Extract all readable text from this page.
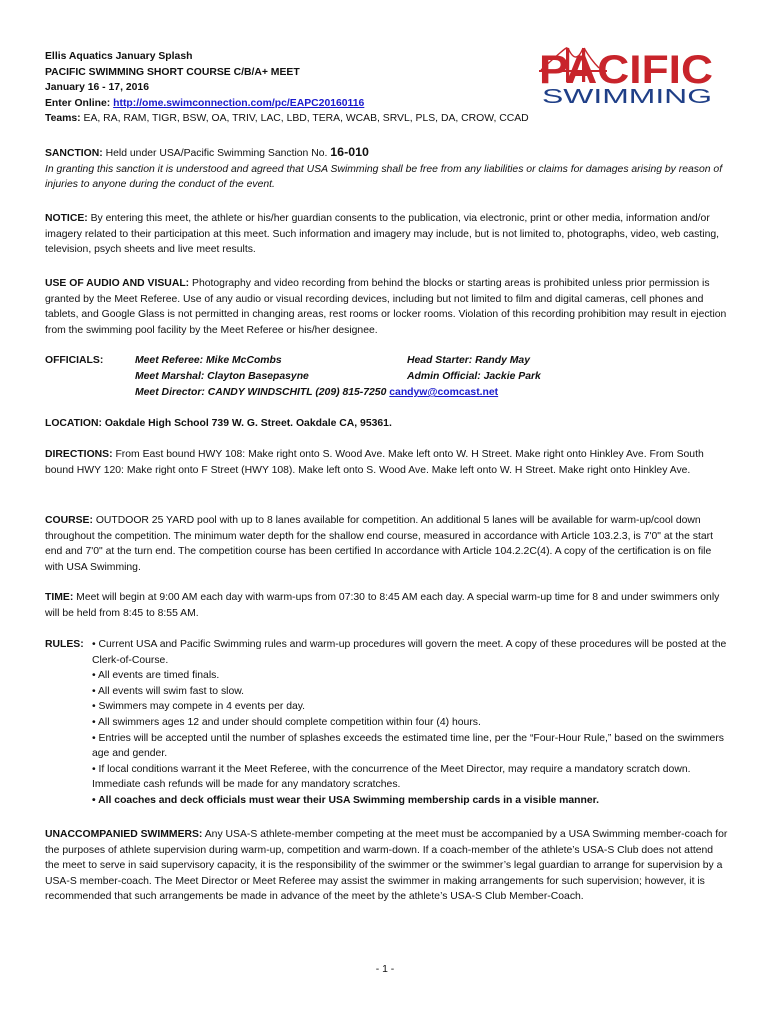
Ellis Aquatics January Splash
PACIFIC SWIMMING SHORT COURSE C/B/A+ MEET
January 16 - 17, 2016
Enter Online: http://ome.swimconnection.com/pc/EAPC20160116
Teams: EA, RA, RAM, TIGR, BSW, OA, TRIV, LAC, LBD, TERA, WCAB, SRVL, PLS, DA, CROW, CCAD
PACIFIC
SWIMMING
SANCTION: Held under USA/Pacific Swimming Sanction No. 16-010
In granting this sanction it is understood and agreed that USA Swimming shall be free from any liabilities or claims for damages arising by reason of injuries to anyone during the conduct of the event.
NOTICE: By entering this meet, the athlete or his/her guardian consents to the publication, via electronic, print or other media, information and/or imagery related to their participation at this meet. Such information and imagery may include, but is not limited to, photographs, video, web casting, television, psych sheets and live meet results.
USE OF AUDIO AND VISUAL: Photography and video recording from behind the blocks or starting areas is prohibited unless prior permission is granted by the Meet Referee. Use of any audio or visual recording devices, including but not limited to film and digital cameras, cell phones and tablets, and Google Glass is not permitted in changing areas, rest rooms or locker rooms. Violation of this recording prohibition may result in ejection from the swimming pool facility by the Meet Referee or his/her designee.
OFFICIALS:	Meet Referee: Mike McCombs	Head Starter: Randy May
Meet Marshal: Clayton Basepasyne	Admin Official: Jackie Park
Meet Director: CANDY WINDSCHITL (209) 815-7250 candyw@comcast.net
LOCATION: Oakdale High School 739 W. G. Street. Oakdale CA, 95361.
DIRECTIONS: From East bound HWY 108: Make right onto S. Wood Ave. Make left onto W. H Street. Make right onto Hinkley Ave. From South bound HWY 120: Make right onto F Street (HWY 108). Make left onto S. Wood Ave. Make left onto W. H Street. Make right onto Hinkley Ave.
COURSE: OUTDOOR 25 YARD pool with up to 8 lanes available for competition. An additional 5 lanes will be available for warm-up/cool down throughout the competition. The minimum water depth for the shallow end course, measured in accordance with Article 103.2.3, is 7'0" at the start end and 7'0" at the turn end. The competition course has been certified In accordance with Article 104.2.2C(4). A copy of the certification is on file with USA Swimming.
TIME: Meet will begin at 9:00 AM each day with warm-ups from 07:30 to 8:45 AM each day. A special warm-up time for 8 and under swimmers only will be held from 8:45 to 8:55 AM.
RULES: • Current USA and Pacific Swimming rules and warm-up procedures will govern the meet. A copy of these procedures will be posted at the Clerk-of-Course.
• All events are timed finals.
• All events will swim fast to slow.
• Swimmers may compete in 4 events per day.
• All swimmers ages 12 and under should complete competition within four (4) hours.
• Entries will be accepted until the number of splashes exceeds the estimated time line, per the “Four-Hour Rule,” based on the swimmers age and gender.
• If local conditions warrant it the Meet Referee, with the concurrence of the Meet Director, may require a mandatory scratch down. Immediate cash refunds will be made for any mandatory scratches.
• All coaches and deck officials must wear their USA Swimming membership cards in a visible manner.
UNACCOMPANIED SWIMMERS: Any USA-S athlete-member competing at the meet must be accompanied by a USA Swimming member-coach for the purposes of athlete supervision during warm-up, competition and warm-down. If a coach-member of the athlete’s USA-S Club does not attend the meet to serve in said supervisory capacity, it is the responsibility of the swimmer or the swimmer’s legal guardian to arrange for supervision by a USA-S member-coach. The Meet Director or Meet Referee may assist the swimmer in making arrangements for such supervision; however, it is recommended that such arrangements be made in advance of the meet by the athlete’s USA-S Club Member-Coach.
- 1 -
